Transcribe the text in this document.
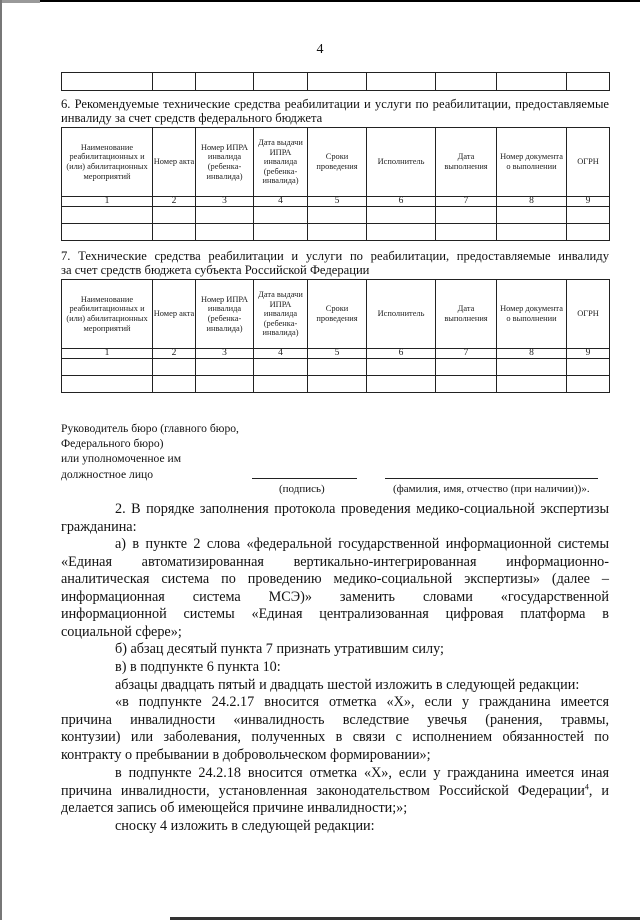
4

6. Рекомендуемые технические средства реабилитации и услуги по реабилитации, предоставляемые
инвалиду за счет средств федерального бюджета
Наименование реабилитационных и (или) абилитационных мероприятий	Номер акта	Номер ИПРА инвалида (ребенка-инвалида)	Дата выдачи ИПРА инвалида (ребенка-инвалида)	Сроки проведения	Исполнитель	Дата выполнения	Номер документа о выполнении	ОГРН
1	2	3	4	5	6	7	8	9

7. Технические средства реабилитации и услуги по реабилитации, предоставляемые инвалиду
за счет средств бюджета субъекта Российской Федерации
Наименование реабилитационных и (или) абилитационных мероприятий	Номер акта	Номер ИПРА инвалида (ребенка-инвалида)	Дата выдачи ИПРА инвалида (ребенка-инвалида)	Сроки проведения	Исполнитель	Дата выполнения	Номер документа о выполнении	ОГРН
1	2	3	4	5	6	7	8	9

Руководитель бюро (главного бюро,
Федерального бюро)
или уполномоченное им
должностное лицо
(подпись)	(фамилия, имя, отчество (при наличии))».
2. В порядке заполнения протокола проведения медико-социальной экспертизы
гражданина:
а) в пункте 2 слова «федеральной государственной информационной системы
«Единая автоматизированная вертикально-интегрированная информационно-
аналитическая система по проведению медико-социальной экспертизы» (далее –
информационная система МСЭ)» заменить словами «государственной
информационной системы «Единая централизованная цифровая платформа в
социальной сфере»;
б) абзац десятый пункта 7 признать утратившим силу;
в) в подпункте 6 пункта 10:
абзацы двадцать пятый и двадцать шестой изложить в следующей редакции:
«в подпункте 24.2.17 вносится отметка «Х», если у гражданина имеется
причина инвалидности «инвалидность вследствие увечья (ранения, травмы,
контузии) или заболевания, полученных в связи с исполнением обязанностей по
контракту о пребывании в добровольческом формировании»;
в подпункте 24.2.18 вносится отметка «Х», если у гражданина имеется иная
причина инвалидности, установленная законодательством Российской Федерации$^4$, и
делается запись об имеющейся причине инвалидности;»;
сноску 4 изложить в следующей редакции:
